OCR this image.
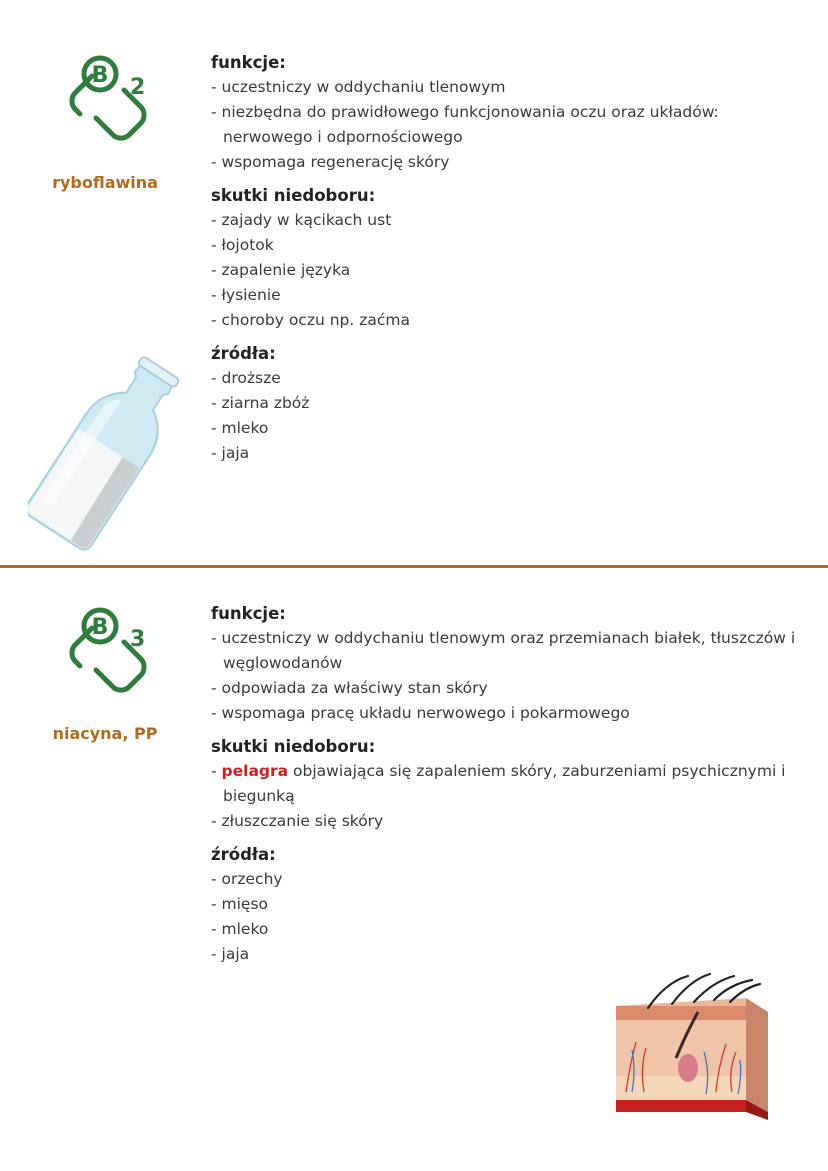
B 2
ryboflawina
funkcje:
- uczestniczy w oddychaniu tlenowym
- niezbędna do prawidłowego funkcjonowania oczu oraz układów: nerwowego i odpornościowego
- wspomaga regenerację skóry
skutki niedoboru:
- zajady w kącikach ust
- łojotok
- zapalenie języka
- łysienie
- choroby oczu np. zaćma
źródła:
- droższe
- ziarna zbóż
- mleko
- jaja
B 3
niacyna, PP
funkcje:
- uczestniczy w oddychaniu tlenowym oraz przemianach białek, tłuszczów i węglowodanów
- odpowiada za właściwy stan skóry
- wspomaga pracę układu nerwowego i pokarmowego
skutki niedoboru:
- pelagra objawiająca się zapaleniem skóry, zaburzeniami psychicznymi i biegunką
- złuszczanie się skóry
źródła:
- orzechy
- mięso
- mleko
- jaja
